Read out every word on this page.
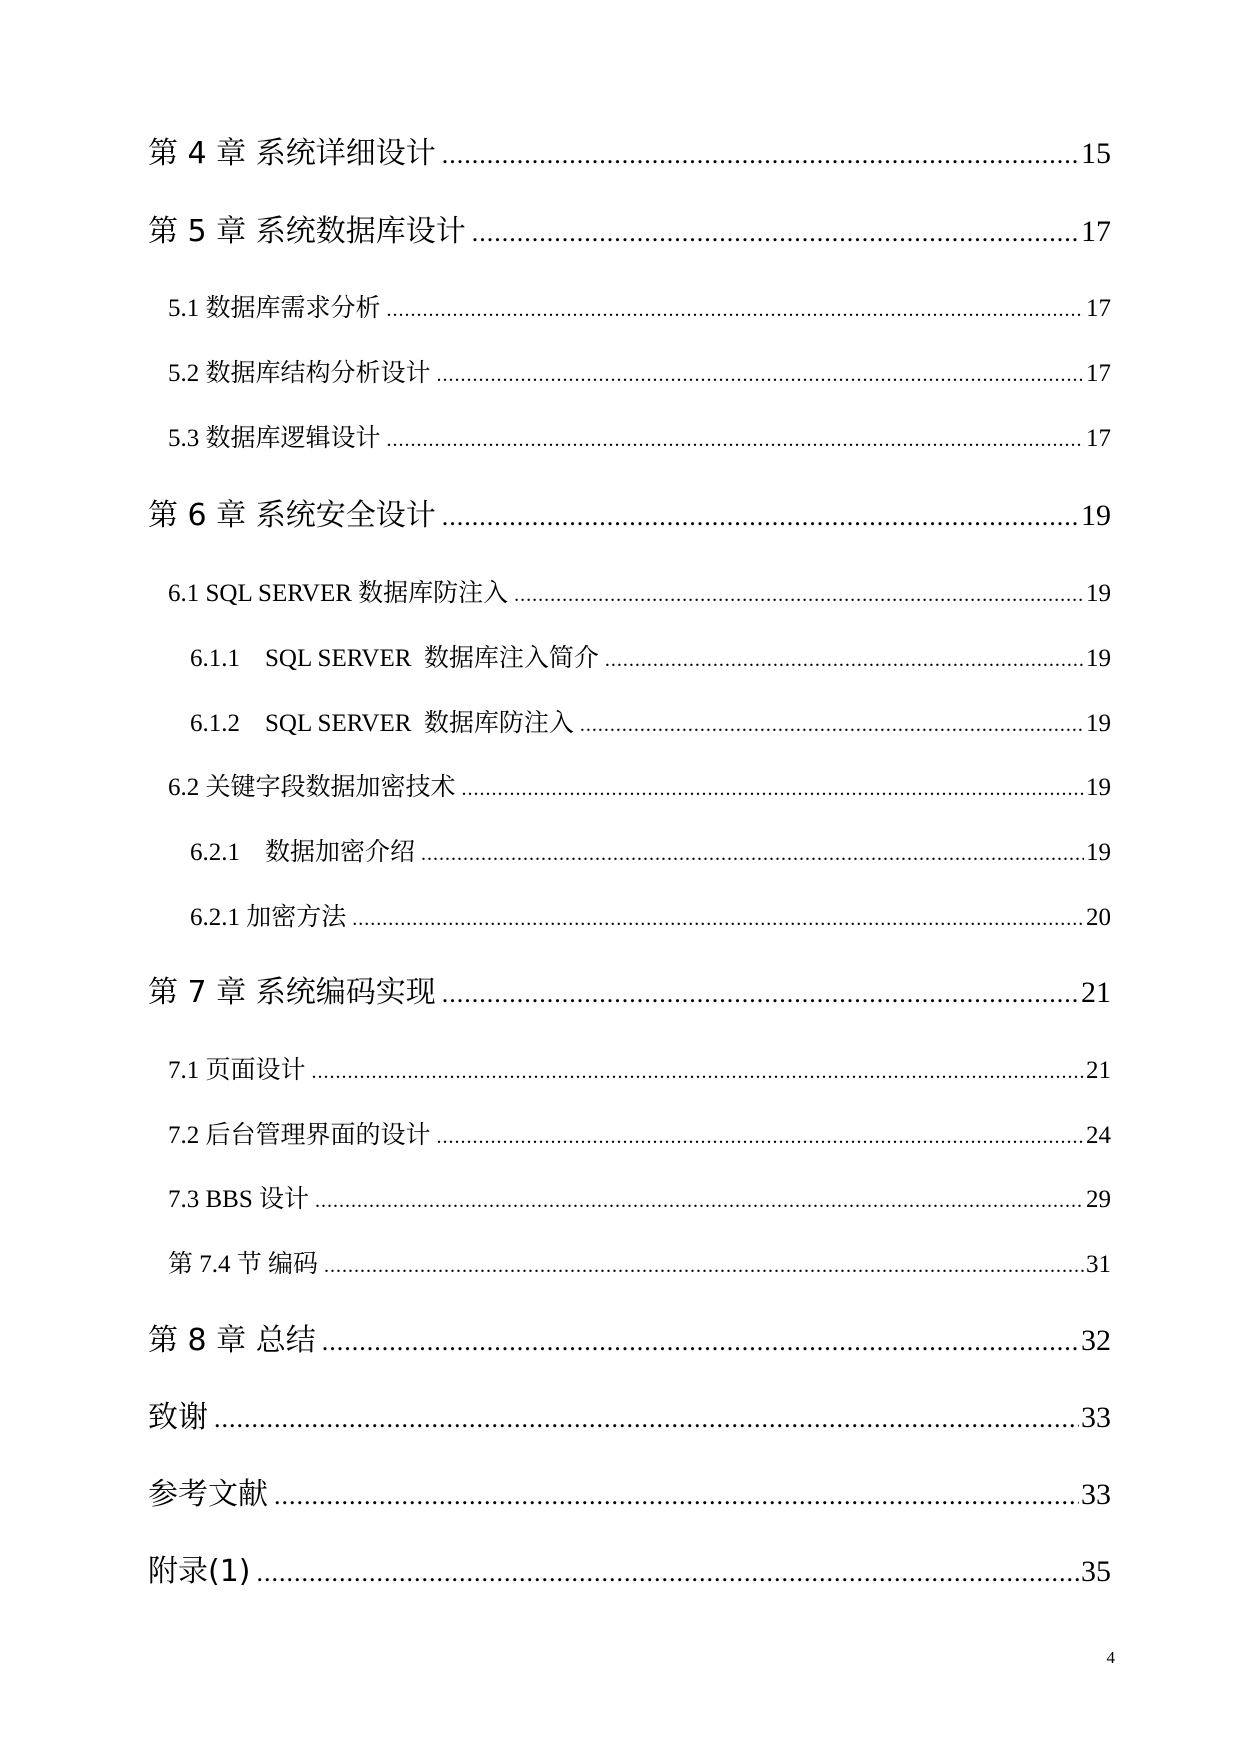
第 4 章 系统详细设计 .....	15
第 5 章 系统数据库设计 .....	17
5.1 数据库需求分析 .....	17
5.2 数据库结构分析设计 .....	17
5.3 数据库逻辑设计 .....	17
第 6 章 系统安全设计 .....	19
6.1 SQL SERVER 数据库防注入 .....	19
6.1.1    SQL SERVER  数据库注入简介 .....	19
6.1.2    SQL SERVER  数据库防注入 .....	19
6.2 关键字段数据加密技术 .....	19
6.2.1    数据加密介绍 .....	19
6.2.1 加密方法 .....	20
第 7 章 系统编码实现 .....	21
7.1 页面设计 .....	21
7.2 后台管理界面的设计 .....	24
7.3 BBS 设计 .....	29
第 7.4 节 编码 .....	31
第 8 章 总结 .....	32
致谢 .....	33
参考文献 .....	33
附录(1) .....	35
4
